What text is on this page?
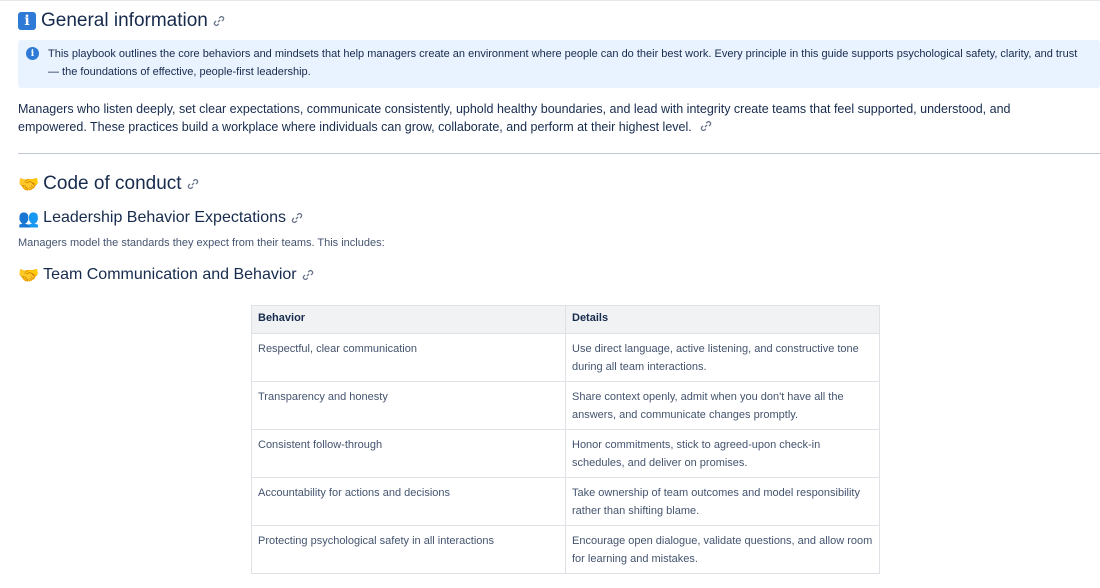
i General information
i	This playbook outlines the core behaviors and mindsets that help managers create an environment where people can do their best work. Every principle in this guide supports psychological safety, clarity, and trust — the foundations of effective, people-first leadership.

Managers who listen deeply, set clear expectations, communicate consistently, uphold healthy boundaries, and lead with integrity create teams that feel supported, understood, and empowered. These practices build a workplace where individuals can grow, collaborate, and perform at their highest level.

🤝 Code of conduct
👥 Leadership Behavior Expectations
Managers model the standards they expect from their teams. This includes:
🤝 Team Communication and Behavior
Behavior	Details
Respectful, clear communication	Use direct language, active listening, and constructive tone during all team interactions.
Transparency and honesty	Share context openly, admit when you don't have all the answers, and communicate changes promptly.
Consistent follow-through	Honor commitments, stick to agreed-upon check-in schedules, and deliver on promises.
Accountability for actions and decisions	Take ownership of team outcomes and model responsibility rather than shifting blame.
Protecting psychological safety in all interactions	Encourage open dialogue, validate questions, and allow room for learning and mistakes.
